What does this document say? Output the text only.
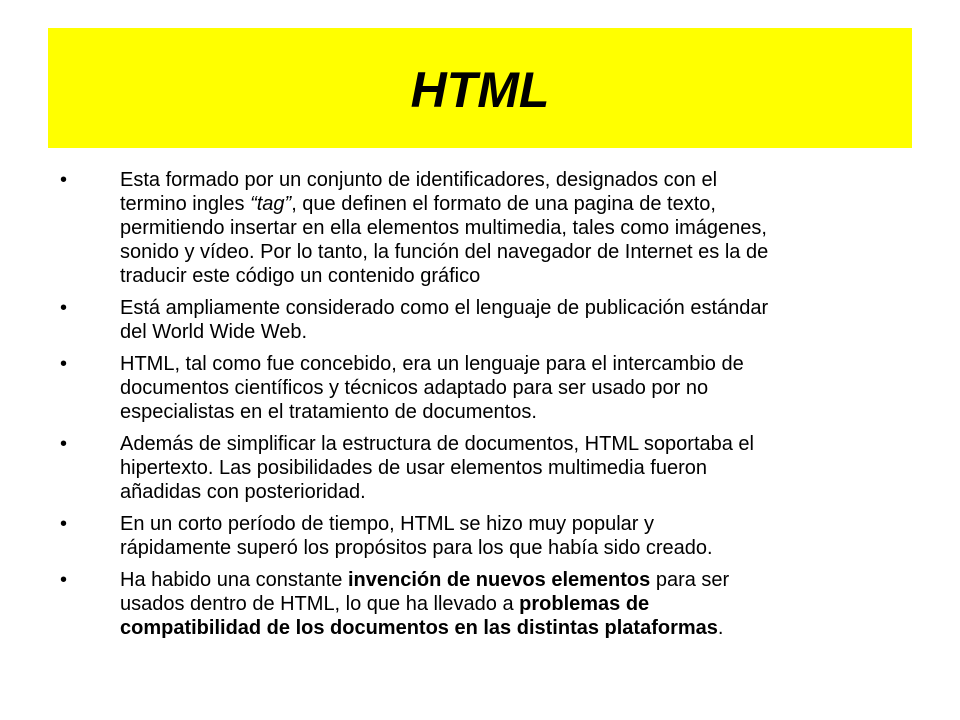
HTML
•	Esta formado por un conjunto de identificadores, designados con el
termino ingles “tag”, que definen el formato de una pagina de texto,
permitiendo insertar en ella elementos multimedia, tales como imágenes,
sonido y vídeo. Por lo tanto, la función del navegador de Internet es la de
traducir este código un contenido gráfico
•	Está ampliamente considerado como el lenguaje de publicación estándar
del World Wide Web.
•	HTML, tal como fue concebido, era un lenguaje para el intercambio de
documentos científicos y técnicos adaptado para ser usado por no
especialistas en el tratamiento de documentos.
•	Además de simplificar la estructura de documentos, HTML soportaba el
hipertexto. Las posibilidades de usar elementos multimedia fueron
añadidas con posterioridad.
•	En un corto período de tiempo, HTML se hizo muy popular y
rápidamente superó los propósitos para los que había sido creado.
•	Ha habido una constante invención de nuevos elementos para ser
usados dentro de HTML, lo que ha llevado a problemas de
compatibilidad de los documentos en las distintas plataformas.
